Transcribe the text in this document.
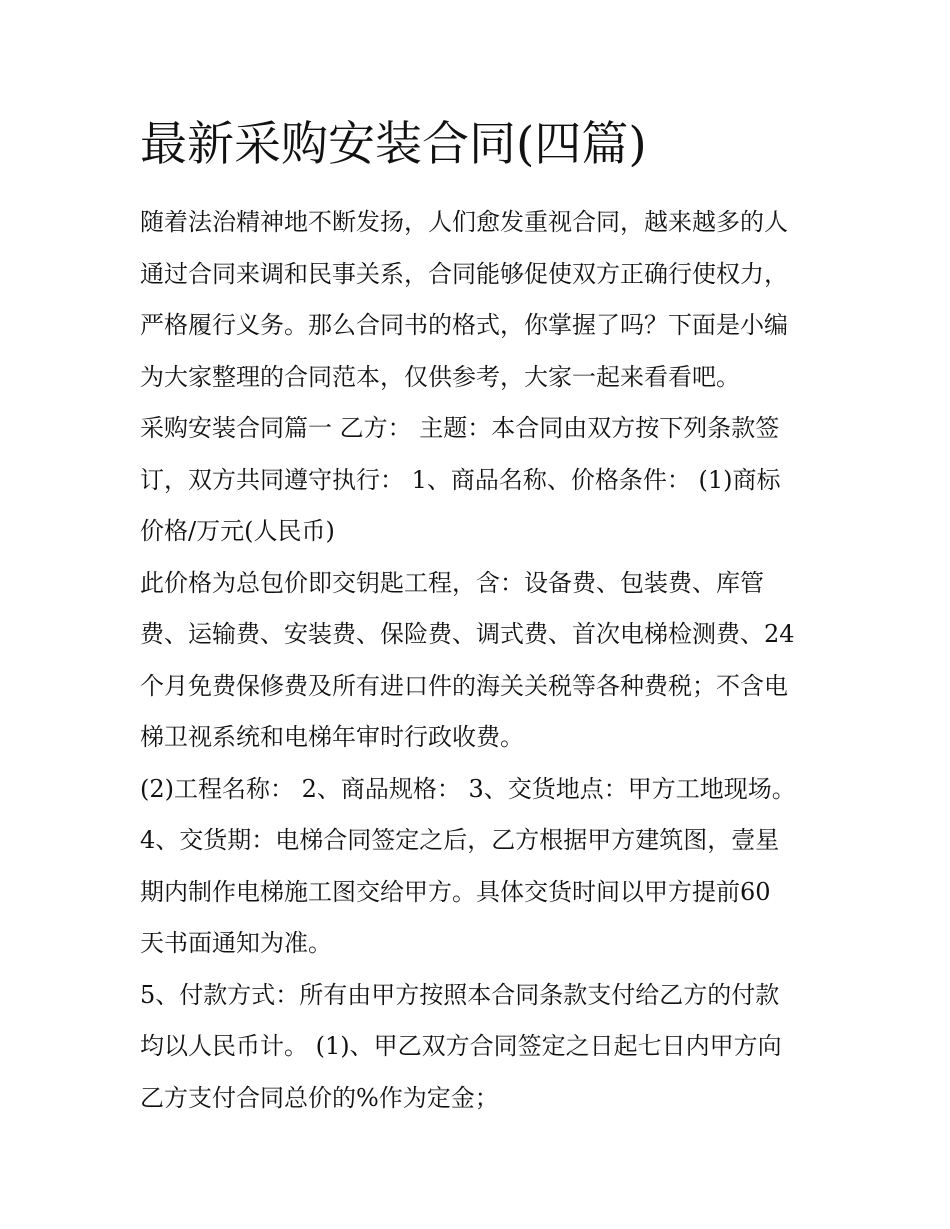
最新采购安装合同(四篇)

随着法治精神地不断发扬，人们愈发重视合同，越来越多的人
通过合同来调和民事关系，合同能够促使双方正确行使权力，
严格履行义务。那么合同书的格式，你掌握了吗？下面是小编
为大家整理的合同范本，仅供参考，大家一起来看看吧。

采购安装合同篇一 乙方： 主题：本合同由双方按下列条款签
订，双方共同遵守执行： 1、商品名称、价格条件： (1)商标
价格/万元(人民币)

此价格为总包价即交钥匙工程，含：设备费、包装费、库管
费、运输费、安装费、保险费、调式费、首次电梯检测费、24
个月免费保修费及所有进口件的海关关税等各种费税；不含电
梯卫视系统和电梯年审时行政收费。

(2)工程名称： 2、商品规格： 3、交货地点：甲方工地现场。

4、交货期：电梯合同签定之后，乙方根据甲方建筑图，壹星
期内制作电梯施工图交给甲方。具体交货时间以甲方提前60
天书面通知为准。

5、付款方式：所有由甲方按照本合同条款支付给乙方的付款
均以人民币计。 (1)、甲乙双方合同签定之日起七日内甲方向
乙方支付合同总价的%作为定金；
